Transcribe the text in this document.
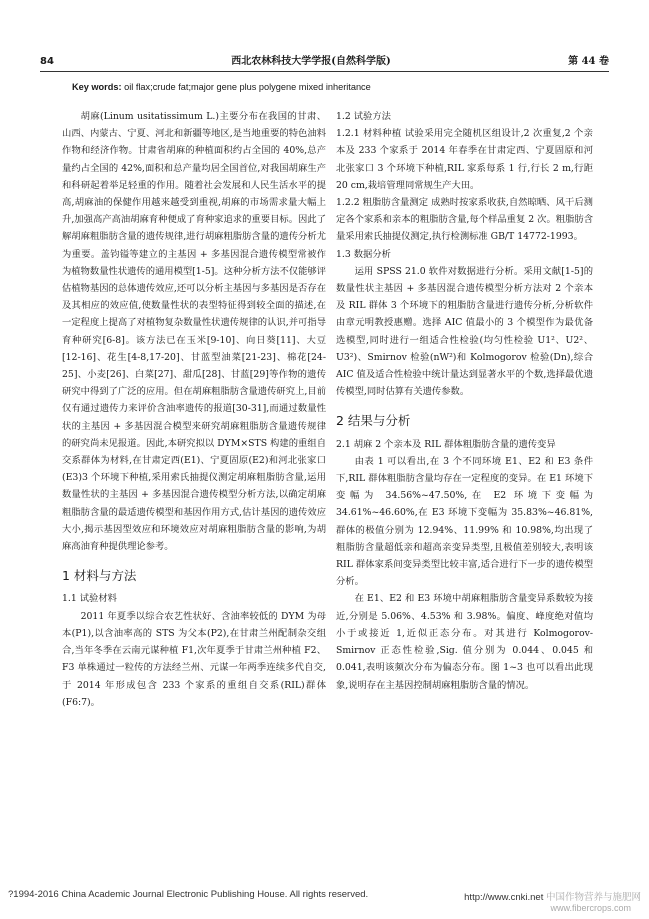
84	西北农林科技大学学报(自然科学版)	第 44 卷
Key words: oil flax;crude fat;major gene plus polygene mixed inheritance

胡麻(Linum usitatissimum L.)主要分布在我国的甘肃、山西、内蒙古、宁夏、河北和新疆等地区,是当地重要的特色油料作物和经济作物。甘肃省胡麻的种植面积约占全国的 40%,总产量约占全国的 42%,面积和总产量均居全国首位,对我国胡麻生产和科研起着举足轻重的作用。随着社会发展和人民生活水平的提高,胡麻油的保健作用越来越受到重视,胡麻的市场需求量大幅上升,加强高产高油胡麻育种便成了育种家追求的重要目标。因此了解胡麻粗脂肪含量的遗传规律,进行胡麻粗脂肪含量的遗传分析尤为重要。盖钧镒等建立的主基因 + 多基因混合遗传模型常被作为植物数量性状遗传的通用模型[1-5]。这种分析方法不仅能够评估植物基因的总体遗传效应,还可以分析主基因与多基因是否存在及其相应的效应值,使数量性状的表型特征得到较全面的描述,在一定程度上提高了对植物复杂数量性状遗传规律的认识,并可指导育种研究[6-8]。该方法已在玉米[9-10]、向日葵[11]、大豆[12-16]、花生[4-8,17-20]、甘蓝型油菜[21-23]、棉花[24-25]、小麦[26]、白菜[27]、甜瓜[28]、甘蓝[29]等作物的遗传研究中得到了广泛的应用。但在胡麻粗脂肪含量遗传研究上,目前仅有通过遗传力来评价含油率遗传的报道[30-31],而通过数量性状的主基因 + 多基因混合模型来研究胡麻粗脂肪含量遗传规律的研究尚未见报道。因此,本研究拟以 DYM×STS 构建的重组自交系群体为材料,在甘肃定西(E1)、宁夏固原(E2)和河北张家口(E3)3 个环境下种植,采用索氏抽提仪测定胡麻粗脂肪含量,运用数量性状的主基因 + 多基因混合遗传模型分析方法,以确定胡麻粗脂肪含量的最适遗传模型和基因作用方式,估计基因的遗传效应大小,揭示基因型效应和环境效应对胡麻粗脂肪含量的影响,为胡麻高油育种提供理论参考。

1 材料与方法

1.1 试验材料

2011 年夏季以综合农艺性状好、含油率较低的 DYM 为母本(P1),以含油率高的 STS 为父本(P2),在甘肃兰州配制杂交组合,当年冬季在云南元谋种植 F1,次年夏季于甘肃兰州种植 F2、F3 单株通过一粒传的方法经兰州、元谋一年两季连续多代自交,于 2014 年形成包含 233 个家系的重组自交系(RIL)群体(F6:7)。

1.2 试验方法

1.2.1 材料种植 试验采用完全随机区组设计,2 次重复,2 个亲本及 233 个家系于 2014 年春季在甘肃定西、宁夏固原和河北张家口 3 个环境下种植,RIL 家系每系 1 行,行长 2 m,行距 20 cm,栽培管理同常规生产大田。

1.2.2 粗脂肪含量测定 成熟时按家系收获,自然晾晒、风干后测定各个家系和亲本的粗脂肪含量,每个样品重复 2 次。粗脂肪含量采用索氏抽提仪测定,执行检测标准 GB/T 14772-1993。

1.3 数据分析

运用 SPSS 21.0 软件对数据进行分析。采用文献[1-5]的数量性状主基因 + 多基因混合遗传模型分析方法对 2 个亲本及 RIL 群体 3 个环境下的粗脂肪含量进行遗传分析,分析软件由章元明教授惠赠。选择 AIC 值最小的 3 个模型作为最优备选模型,同时进行一组适合性检验(均匀性检验 U1²、U2²、U3²)、Smirnov 检验(nW²)和 Kolmogorov 检验(Dn),综合 AIC 值及适合性检验中统计量达到显著水平的个数,选择最优遗传模型,同时估算有关遗传参数。

2 结果与分析

2.1 胡麻 2 个亲本及 RIL 群体粗脂肪含量的遗传变异

由表 1 可以看出,在 3 个不同环境 E1、E2 和 E3 条件下,RIL 群体粗脂肪含量均存在一定程度的变异。在 E1 环境下变幅为 34.56%~47.50%,在 E2 环境下变幅为 34.61%~46.60%,在 E3 环境下变幅为 35.83%~46.81%,群体的极值分别为 12.94%、11.99% 和 10.98%,均出现了粗脂肪含量超低亲和超高亲变异类型,且极值差别较大,表明该 RIL 群体家系间变异类型比较丰富,适合进行下一步的遗传模型分析。

在 E1、E2 和 E3 环境中胡麻粗脂肪含量变异系数较为接近,分别是 5.06%、4.53% 和 3.98%。偏度、峰度绝对值均小于或接近 1,近似正态分布。对其进行 Kolmogorov-Smirnov 正态性检验,Sig. 值分别为 0.044、0.045 和 0.041,表明该频次分布为偏态分布。图 1~3 也可以看出此现象,说明存在主基因控制胡麻粗脂肪含量的情况。

?1994-2016 China Academic Journal Electronic Publishing House. All rights reserved.	http://www.cnki.net 中国作物营养与施肥网
www.fibercrops.com
